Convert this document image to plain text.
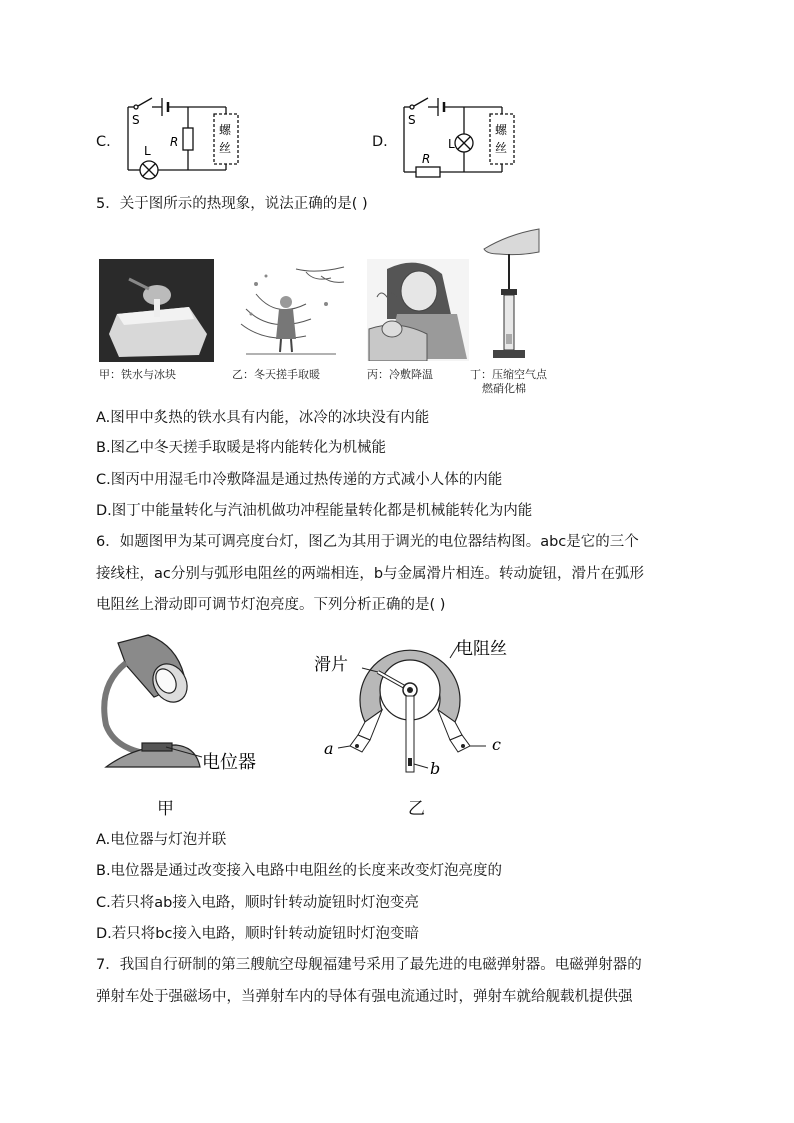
C.
S
L
R
螺
丝	D.
S
L
R
螺
丝
5．关于图所示的热现象，说法正确的是( )
甲：铁水与冰块	乙：冬天搓手取暖	丙：冷敷降温	丁：压缩空气点
燃硝化棉
A.图甲中炙热的铁水具有内能，冰冷的冰块没有内能
B.图乙中冬天搓手取暖是将内能转化为机械能
C.图丙中用湿毛巾冷敷降温是通过热传递的方式减小人体的内能
D.图丁中能量转化与汽油机做功冲程能量转化都是机械能转化为内能
6．如题图甲为某可调亮度台灯，图乙为其用于调光的电位器结构图。abc是它的三个
接线柱，ac分别与弧形电阻丝的两端相连，b与金属滑片相连。转动旋钮，滑片在弧形
电阻丝上滑动即可调节灯泡亮度。下列分析正确的是( )
电位器
甲
电阻丝
滑片
a
b
c
乙
A.电位器与灯泡并联
B.电位器是通过改变接入电路中电阻丝的长度来改变灯泡亮度的
C.若只将ab接入电路，顺时针转动旋钮时灯泡变亮
D.若只将bc接入电路，顺时针转动旋钮时灯泡变暗
7．我国自行研制的第三艘航空母舰福建号采用了最先进的电磁弹射器。电磁弹射器的
弹射车处于强磁场中，当弹射车内的导体有强电流通过时，弹射车就给舰载机提供强
